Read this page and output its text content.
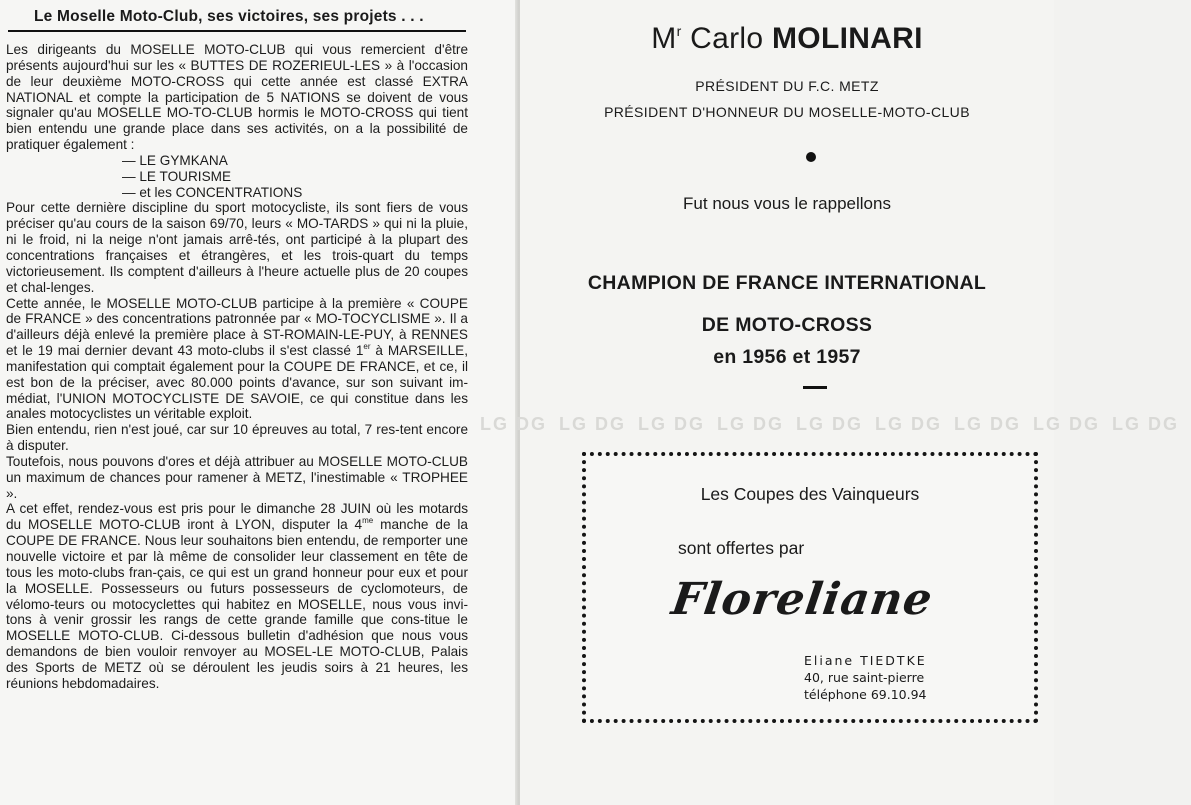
Le Moselle Moto-Club, ses victoires, ses projets . . .

Les dirigeants du MOSELLE MOTO-CLUB qui vous remercient d'être présents aujourd'hui sur les « BUTTES DE ROZERIEUL-LES » à l'occasion de leur deuxième MOTO-CROSS qui cette année est classé EXTRA NATIONAL et compte la participation de 5 NATIONS se doivent de vous signaler qu'au MOSELLE MO-TO-CLUB hormis le MOTO-CROSS qui tient bien entendu une grande place dans ses activités, on a la possibilité de pratiquer également :

— LE GYMKANA
— LE TOURISME
— et les CONCENTRATIONS

Pour cette dernière discipline du sport motocycliste, ils sont fiers de vous préciser qu'au cours de la saison 69/70, leurs « MO-TARDS » qui ni la pluie, ni le froid, ni la neige n'ont jamais arrê-tés, ont participé à la plupart des concentrations françaises et étrangères, et les trois-quart du temps victorieusement. Ils comptent d'ailleurs à l'heure actuelle plus de 20 coupes et chal-lenges.

Cette année, le MOSELLE MOTO-CLUB participe à la première « COUPE de FRANCE » des concentrations patronnée par « MO-TOCYCLISME ». Il a d'ailleurs déjà enlevé la première place à ST-ROMAIN-LE-PUY, à RENNES et le 19 mai dernier devant 43 moto-clubs il s'est classé 1er à MARSEILLE, manifestation qui comptait également pour la COUPE DE FRANCE, et ce, il est bon de la préciser, avec 80.000 points d'avance, sur son suivant im-médiat, l'UNION MOTOCYCLISTE DE SAVOIE, ce qui constitue dans les anales motocyclistes un véritable exploit.

Bien entendu, rien n'est joué, car sur 10 épreuves au total, 7 res-tent encore à disputer.

Toutefois, nous pouvons d'ores et déjà attribuer au MOSELLE MOTO-CLUB un maximum de chances pour ramener à METZ, l'inestimable « TROPHEE ».

A cet effet, rendez-vous est pris pour le dimanche 28 JUIN où les motards du MOSELLE MOTO-CLUB iront à LYON, disputer la $4^{me}$ manche de la COUPE DE FRANCE. Nous leur souhaitons bien entendu, de remporter une nouvelle victoire et par là même de consolider leur classement en tête de tous les moto-clubs fran-çais, ce qui est un grand honneur pour eux et pour la MOSELLE. Possesseurs ou futurs possesseurs de cyclomoteurs, de vélomo-teurs ou motocyclettes qui habitez en MOSELLE, nous vous invi-tons à venir grossir les rangs de cette grande famille que cons-titue le MOSELLE MOTO-CLUB. Ci-dessous bulletin d'adhésion que nous vous demandons de bien vouloir renvoyer au MOSEL-LE MOTO-CLUB, Palais des Sports de METZ où se déroulent les jeudis soirs à 21 heures, les réunions hebdomadaires.

LG DG LG DG LG DG LG DG LG DG LG DG LG DG LG DG LG DG
$M^r$ Carlo MOLINARI
PRÉSIDENT DU F.C. METZ
PRÉSIDENT D'HONNEUR DU MOSELLE-MOTO-CLUB
Fut nous vous le rappellons
CHAMPION DE FRANCE INTERNATIONAL
DE MOTO-CROSS
en 1956 et 1957
Les Coupes des Vainqueurs
sont offertes par
Floreliane
Eliane TIEDTKE
40, rue saint-pierre
téléphone 69.10.94
